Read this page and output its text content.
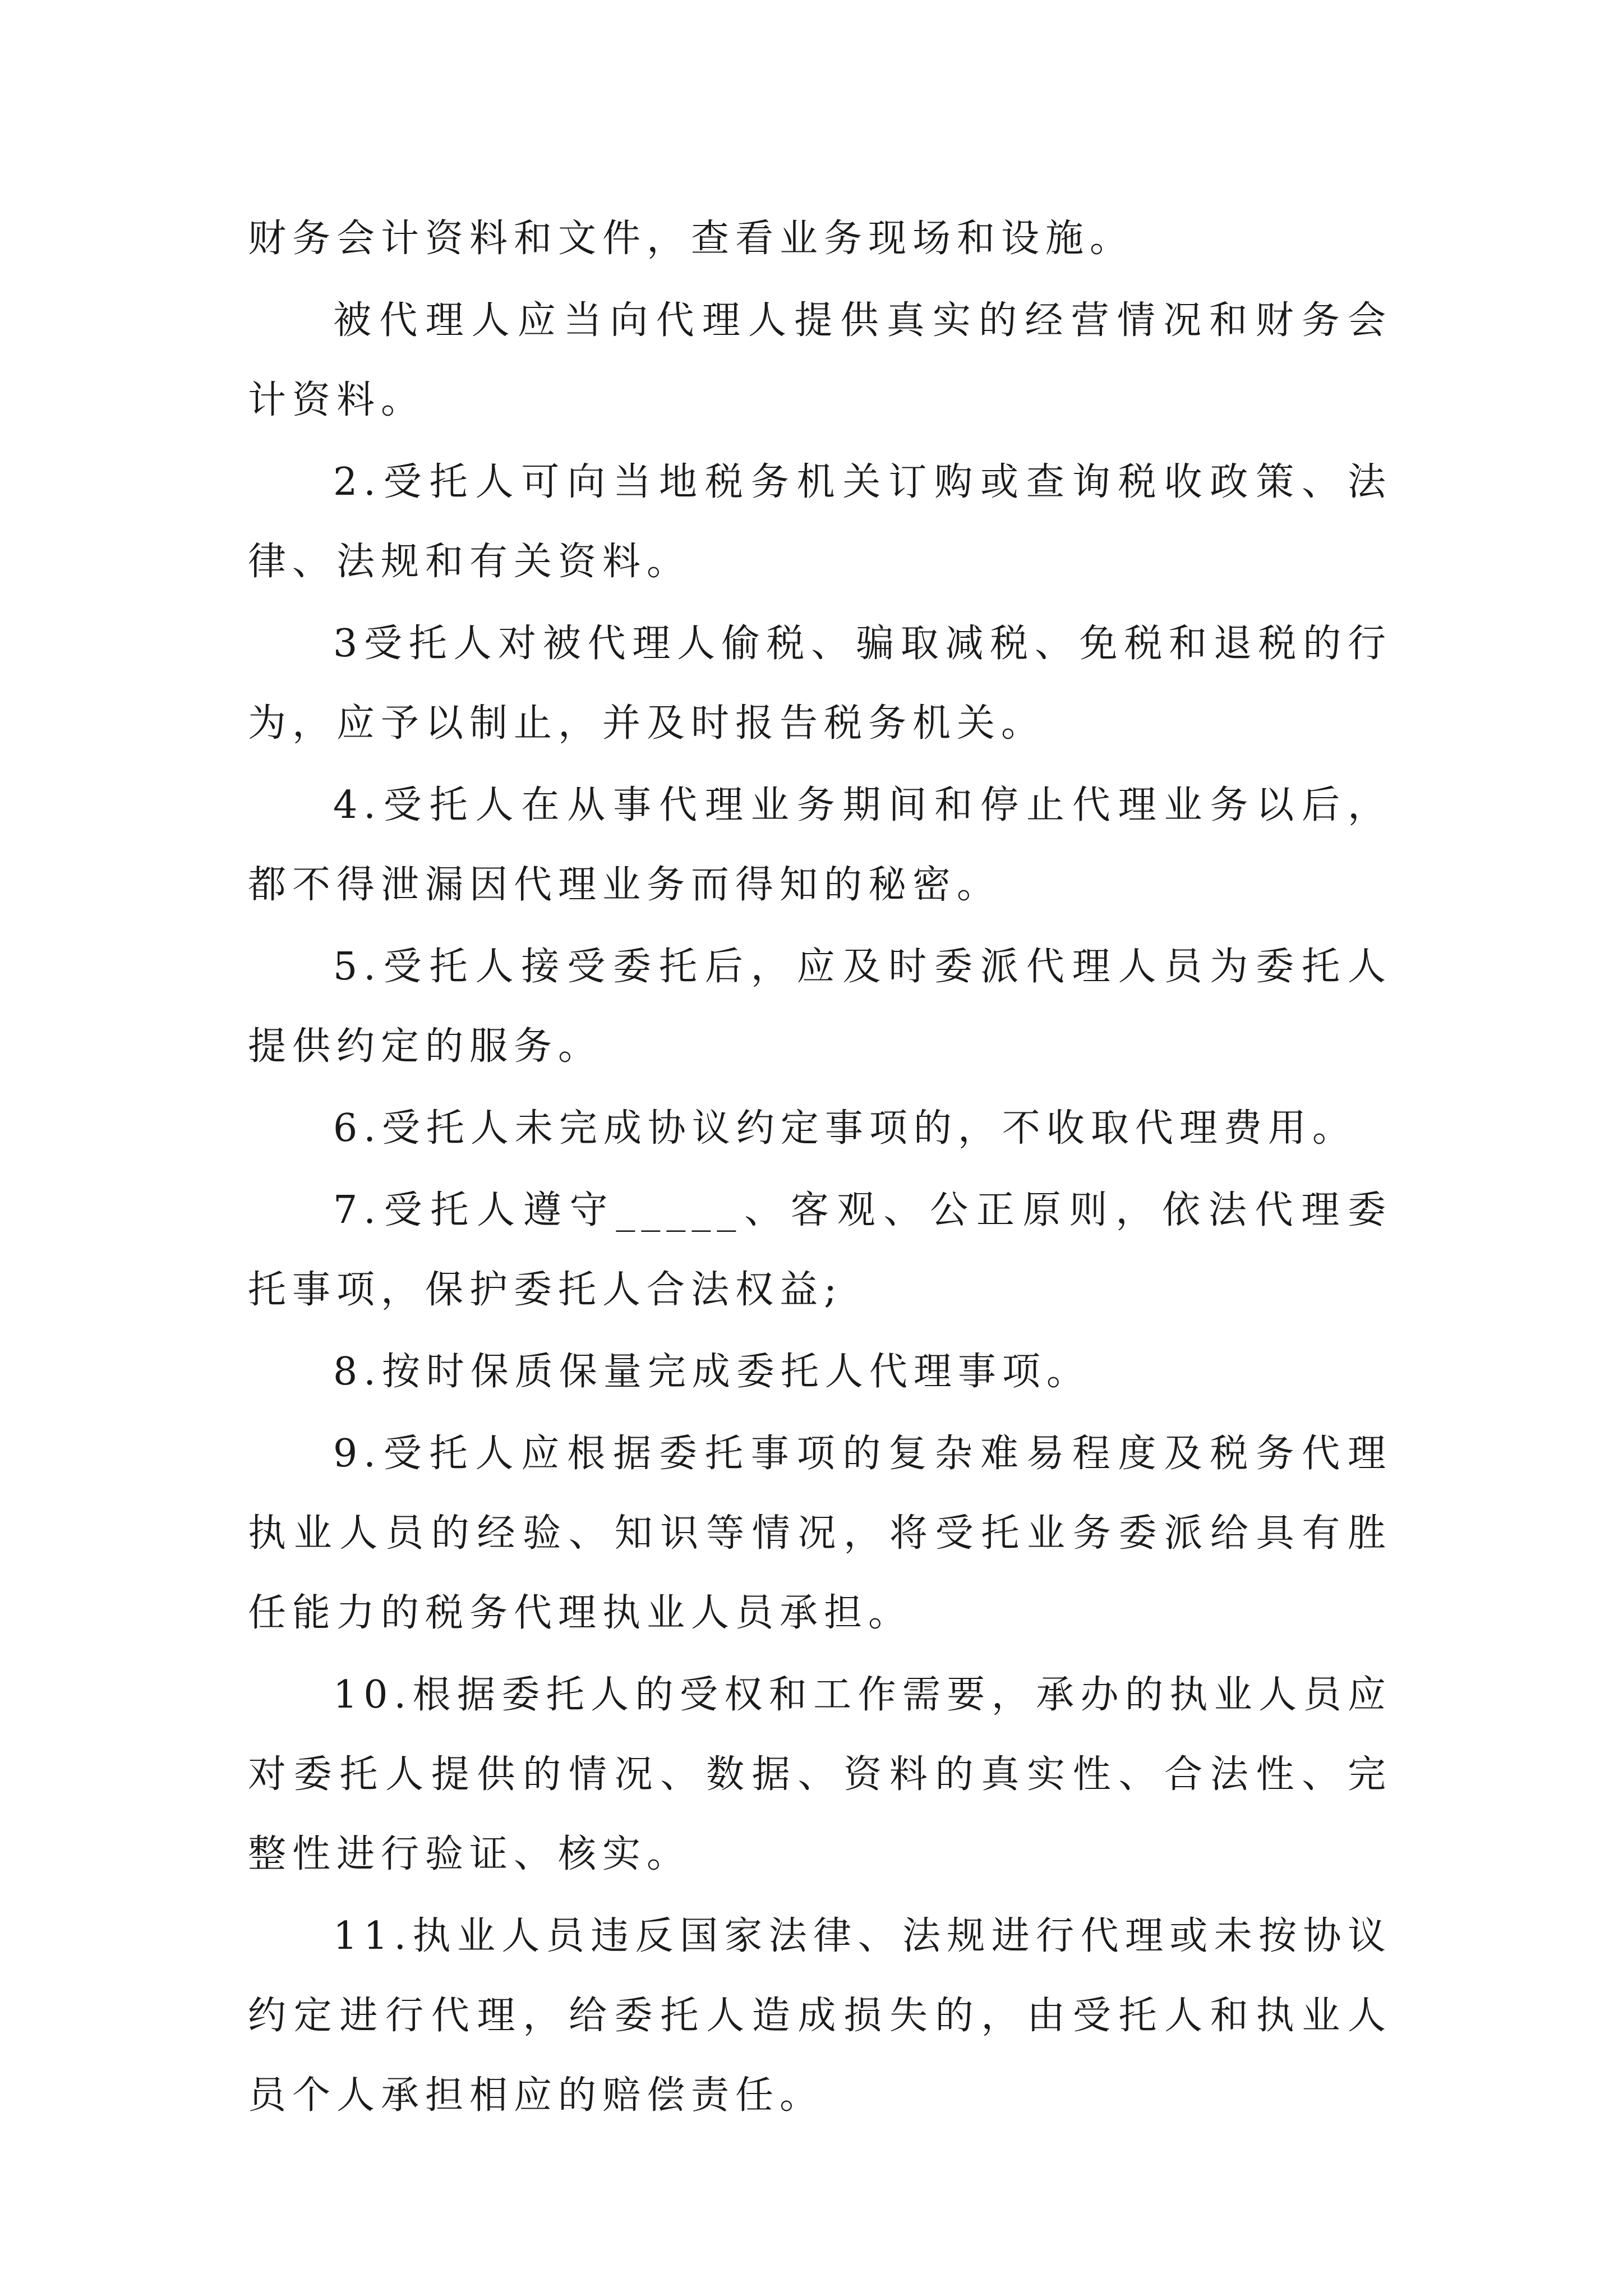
财务会计资料和文件，查看业务现场和设施。

被代理人应当向代理人提供真实的经营情况和财务会计资料。

2.受托人可向当地税务机关订购或查询税收政策、法律、法规和有关资料。

3受托人对被代理人偷税、骗取减税、免税和退税的行为，应予以制止，并及时报告税务机关。

4.受托人在从事代理业务期间和停止代理业务以后，都不得泄漏因代理业务而得知的秘密。

5.受托人接受委托后，应及时委派代理人员为委托人提供约定的服务。

6.受托人未完成协议约定事项的，不收取代理费用。

7.受托人遵守_____、客观、公正原则，依法代理委托事项，保护委托人合法权益;

8.按时保质保量完成委托人代理事项。

9.受托人应根据委托事项的复杂难易程度及税务代理执业人员的经验、知识等情况，将受托业务委派给具有胜任能力的税务代理执业人员承担。

10.根据委托人的受权和工作需要，承办的执业人员应对委托人提供的情况、数据、资料的真实性、合法性、完整性进行验证、核实。

11.执业人员违反国家法律、法规进行代理或未按协议约定进行代理，给委托人造成损失的，由受托人和执业人员个人承担相应的赔偿责任。
